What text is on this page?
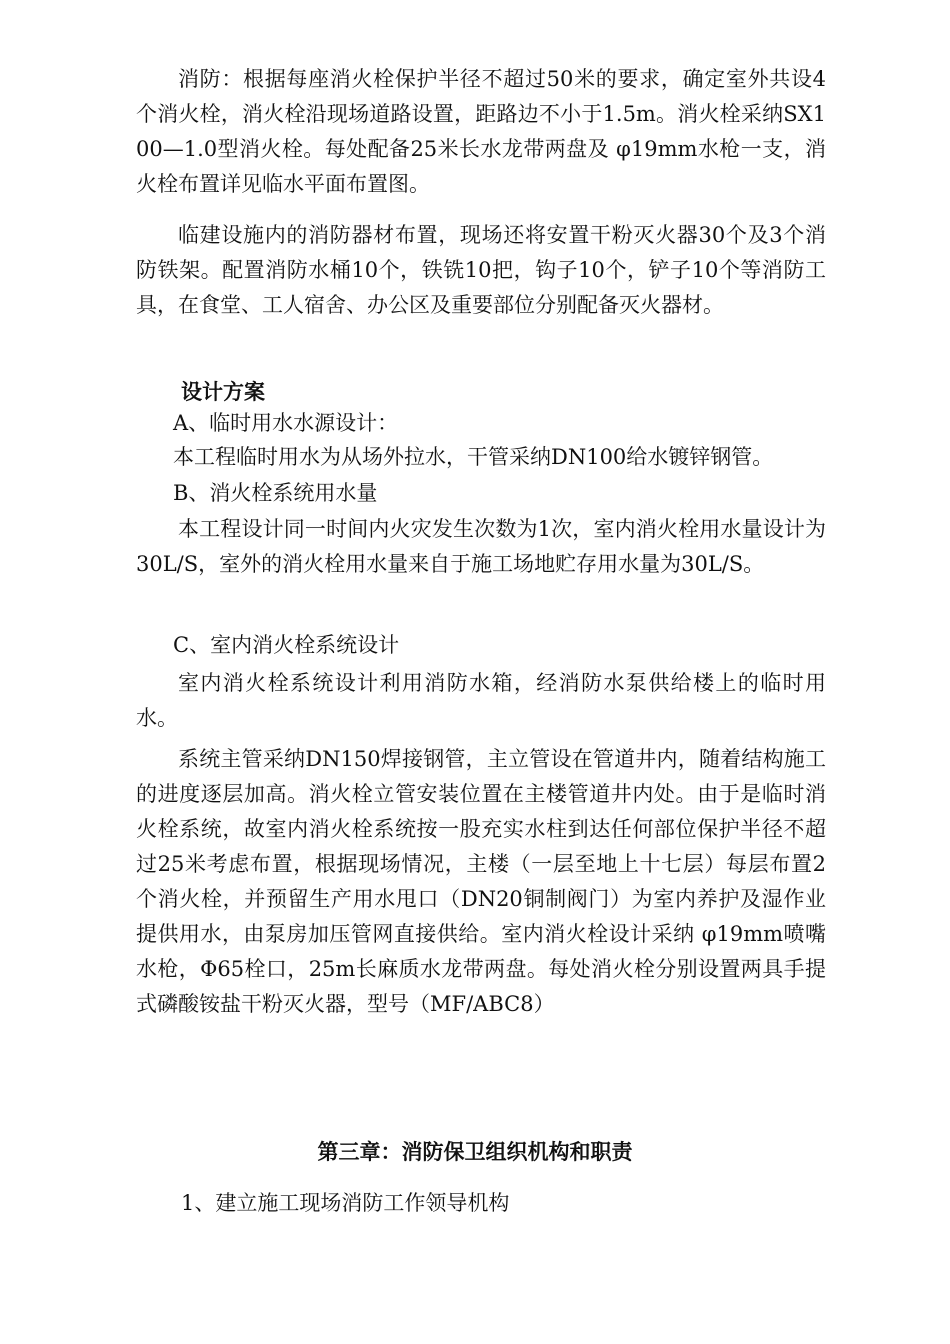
消防：根据每座消火栓保护半径不超过50米的要求，确定室外共设4个消火栓，消火栓沿现场道路设置，距路边不小于1.5m。消火栓采纳SX100—1.0型消火栓。每处配备25米长水龙带两盘及 φ19mm水枪一支，消火栓布置详见临水平面布置图。

临建设施内的消防器材布置，现场还将安置干粉灭火器30个及3个消防铁架。配置消防水桶10个，铁铣10把，钩子10个，铲子10个等消防工具，在食堂、工人宿舍、办公区及重要部位分别配备灭火器材。

设计方案

A、临时用水水源设计：

本工程临时用水为从场外拉水，干管采纳DN100给水镀锌钢管。

B、消火栓系统用水量

本工程设计同一时间内火灾发生次数为1次，室内消火栓用水量设计为30L/S，室外的消火栓用水量来自于施工场地贮存用水量为30L/S。

C、室内消火栓系统设计

室内消火栓系统设计利用消防水箱，经消防水泵供给楼上的临时用水。

系统主管采纳DN150焊接钢管，主立管设在管道井内，随着结构施工的进度逐层加高。消火栓立管安装位置在主楼管道井内处。由于是临时消火栓系统，故室内消火栓系统按一股充实水柱到达任何部位保护半径不超过25米考虑布置，根据现场情况，主楼（一层至地上十七层）每层布置2个消火栓，并预留生产用水甩口（DN20铜制阀门）为室内养护及湿作业提供用水，由泵房加压管网直接供给。室内消火栓设计采纳 φ19mm喷嘴水枪，Φ65栓口，25m长麻质水龙带两盘。每处消火栓分别设置两具手提式磷酸铵盐干粉灭火器，型号（MF/ABC8）

第三章：消防保卫组织机构和职责

1、建立施工现场消防工作领导机构
